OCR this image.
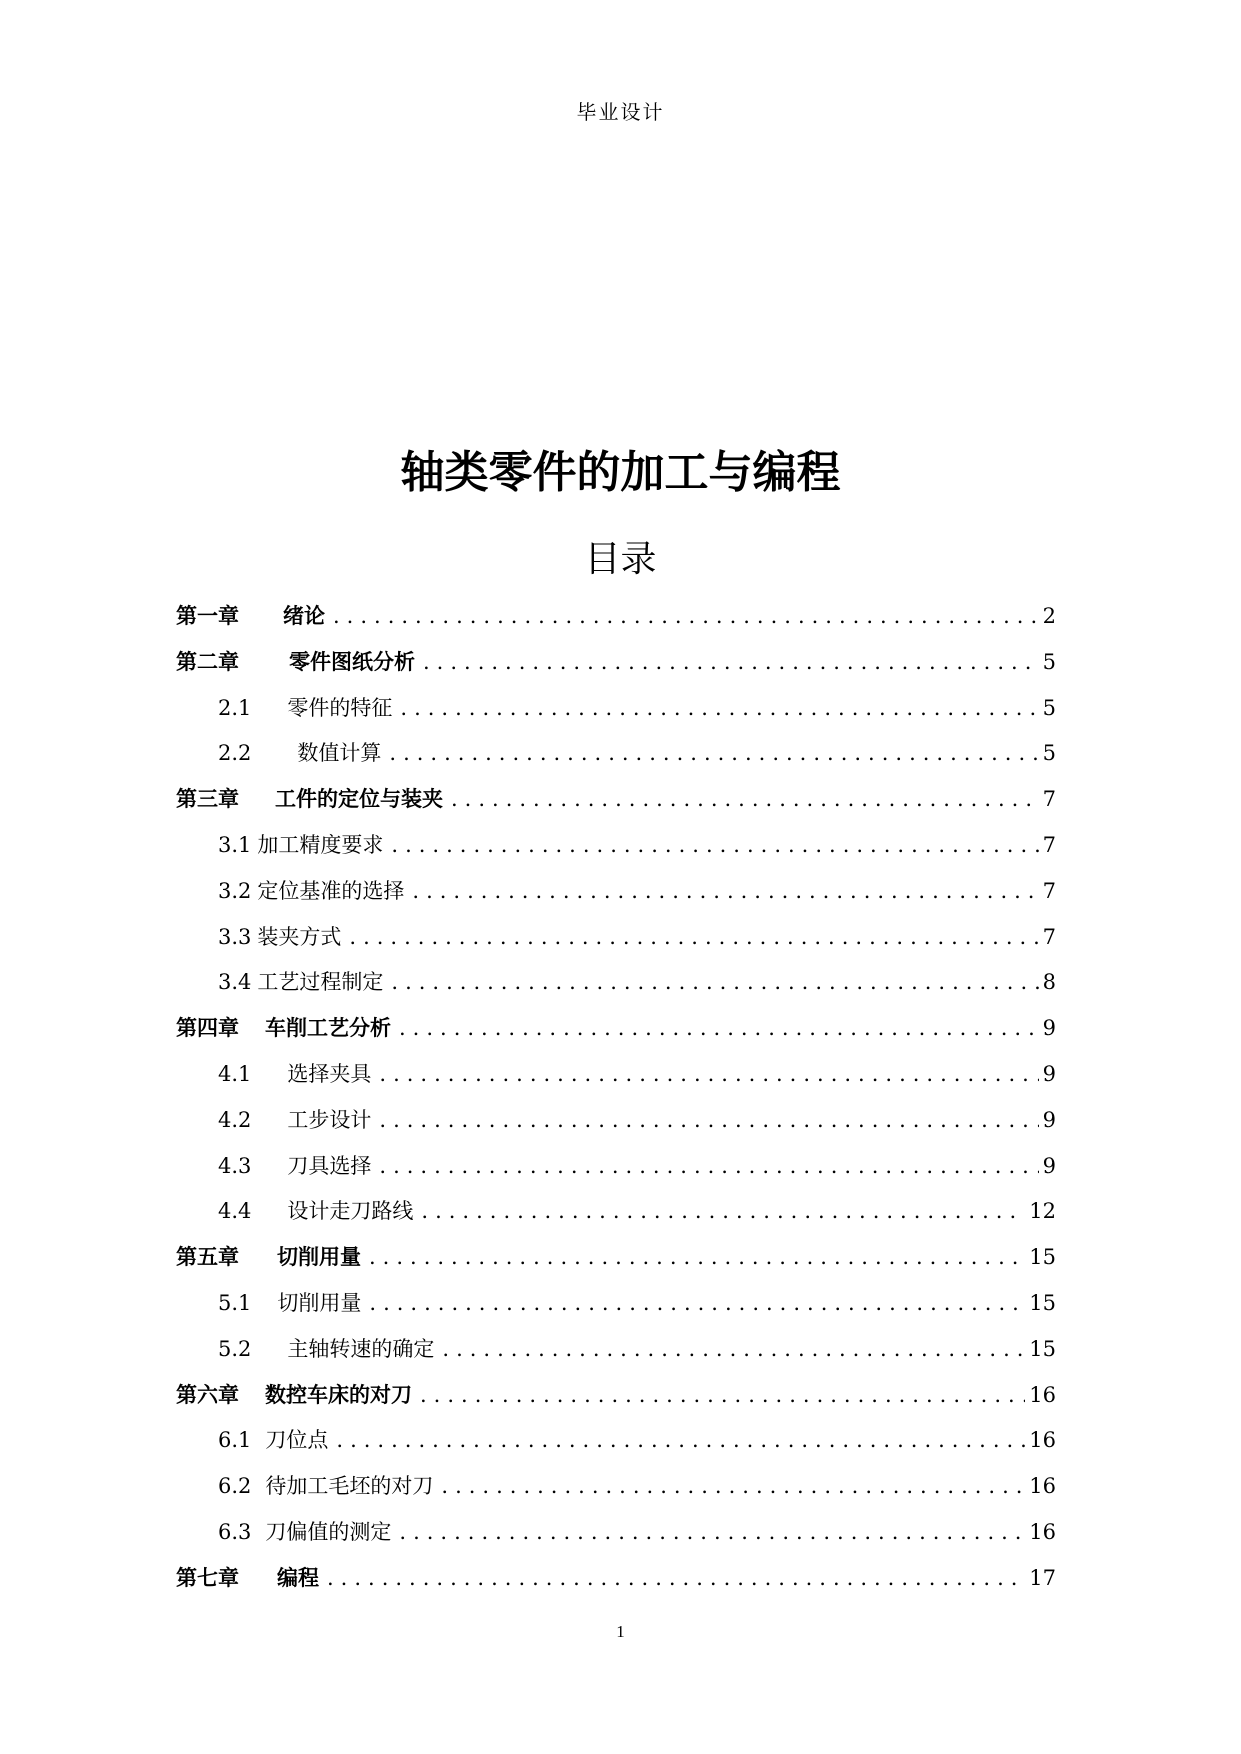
毕业设计
轴类零件的加工与编程
目录
第一章 绪论 .....	2
第二章 零件图纸分析 .....	5
2.1 零件的特征 .....	5
2.2 数值计算 .....	5
第三章 工件的定位与装夹 .....	7
3.1 加工精度要求 .....	7
3.2 定位基准的选择 .....	7
3.3 装夹方式 .....	7
3.4 工艺过程制定 .....	8
第四章 车削工艺分析 .....	9
4.1 选择夹具 .....	9
4.2 工步设计 .....	9
4.3 刀具选择 .....	9
4.4 设计走刀路线 .....	12
第五章 切削用量 .....	15
5.1 切削用量 .....	15
5.2 主轴转速的确定 .....	15
第六章 数控车床的对刀 .....	16
6.1 刀位点 .....	16
6.2 待加工毛坯的对刀 .....	16
6.3 刀偏值的测定 .....	16
第七章 编程 .....	17
1
